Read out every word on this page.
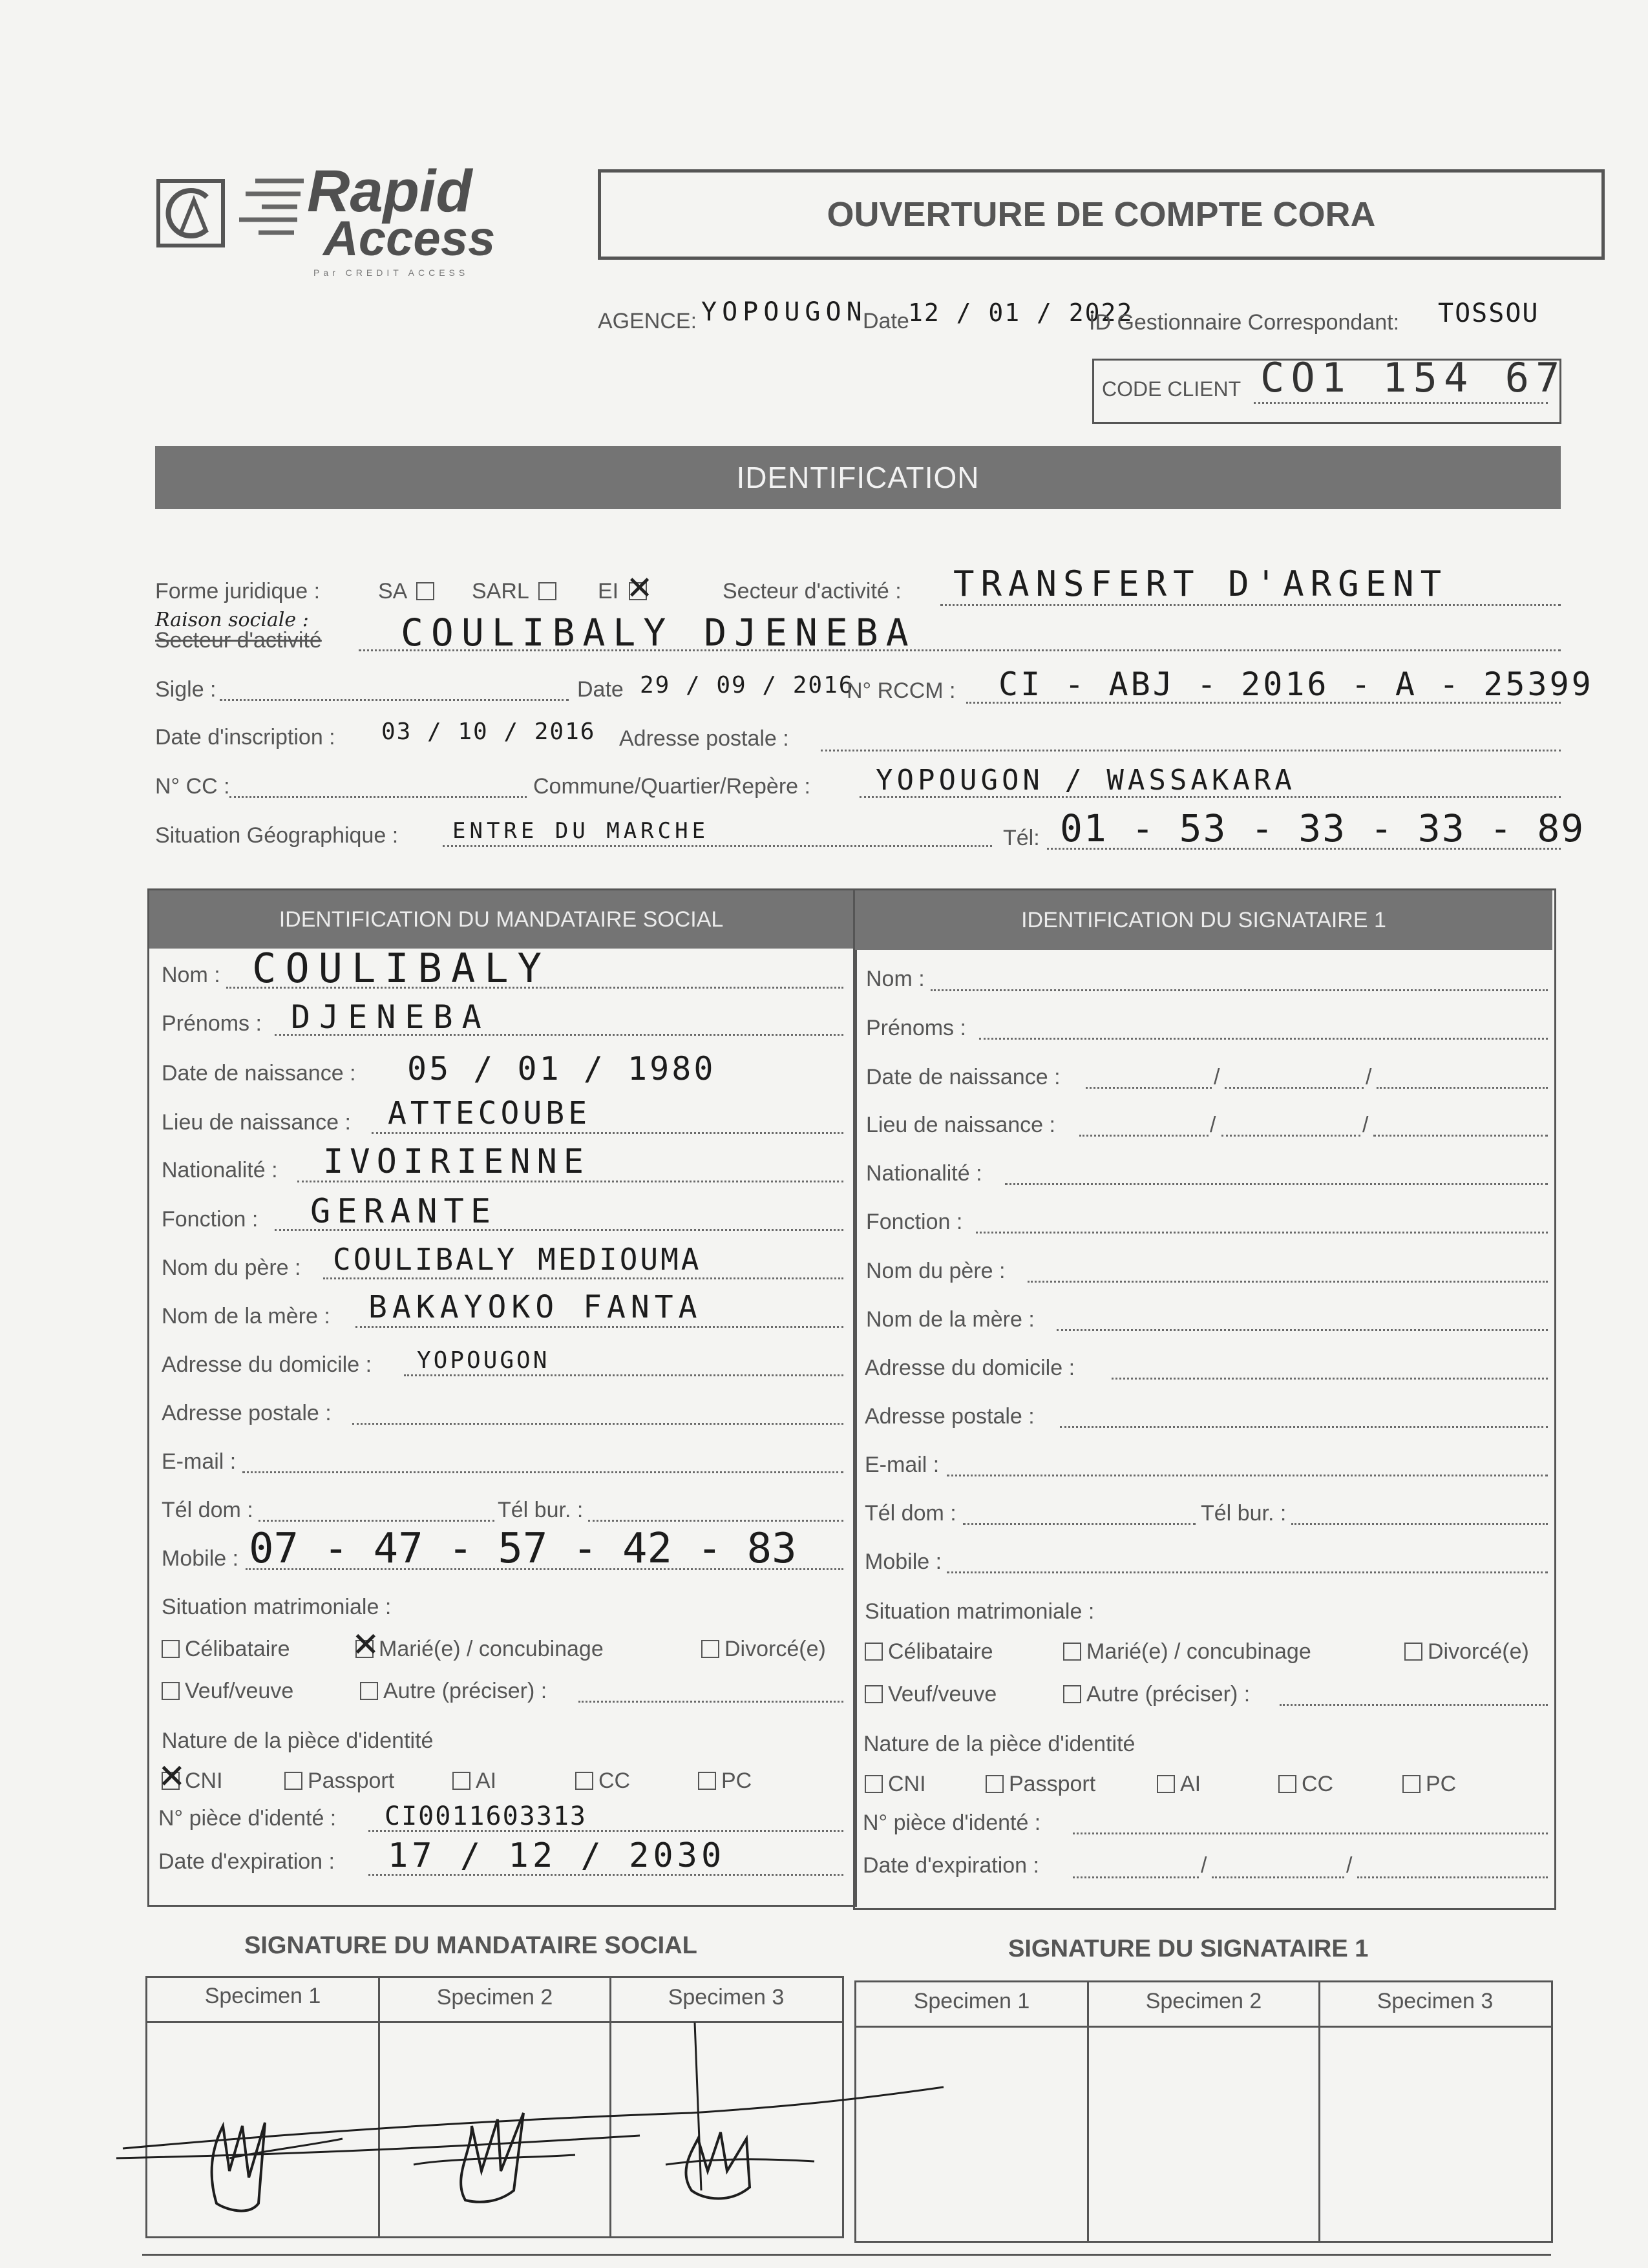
Rapid
Access
Par CREDIT ACCESS
OUVERTURE DE COMPTE CORA
AGENCE: YOPOUGON
Date
12 / 01 / 2022
ID Gestionnaire Correspondant: TOSSOU
CODE CLIENT CO1 154 67
IDENTIFICATION
Forme juridique :	SA	SARL	EI ✕	Secteur d'activité : TRANSFERT D'ARGENT
Raison sociale :
Secteur d'activité COULIBALY DJENEBA
Sigle :	Date 29 / 09 / 2016
N° RCCM : CI - ABJ - 2016 - A - 25399
Date d'inscription : 03 / 10 / 2016 Adresse postale :
N° CC :	Commune/Quartier/Repère : YOPOUGON / WASSAKARA
Situation Géographique : ENTRE DU MARCHE	Tél: 01 - 53 - 33 - 33 - 89
IDENTIFICATION DU MANDATAIRE SOCIAL	IDENTIFICATION DU SIGNATAIRE 1
Nom : COULIBALY
Prénoms : DJENEBA
Date de naissance : 05 / 01 / 1980
Lieu de naissance : ATTECOUBE
Nationalité : IVOIRIENNE
Fonction : GERANTE
Nom du père : COULIBALY MEDIOUMA
Nom de la mère : BAKAYOKO FANTA
Adresse du domicile : YOPOUGON
Adresse postale :
E-mail :
Tél dom :	Tél bur. :
Mobile : 07 - 47 - 57 - 42 - 83
Situation matrimoniale :
Célibataire ✕
Marié(e) / concubinage	Divorcé(e)
Veuf/veuve	Autre (préciser) :
Nature de la pièce d'identité
✕
CNI	Passport	AI	CC	PC
N° pièce d'identé : CI0011603313
Date d'expiration : 17 / 12 / 2030
Nom :
Prénoms :
Date de naissance :	/	/
Lieu de naissance :	/	/
Nationalité :
Fonction :
Nom du père :
Nom de la mère :
Adresse du domicile :
Adresse postale :
E-mail :
Tél dom :	Tél bur. :
Mobile :
Situation matrimoniale :
Célibataire	Marié(e) / concubinage	Divorcé(e)
Veuf/veuve	Autre (préciser) :
Nature de la pièce d'identité
CNI	Passport	AI	CC	PC
N° pièce d'identé :
Date d'expiration :	/	/
SIGNATURE DU MANDATAIRE SOCIAL	SIGNATURE DU SIGNATAIRE 1
Specimen 1	Specimen 2	Specimen 3	Specimen 1	Specimen 2	Specimen 3
